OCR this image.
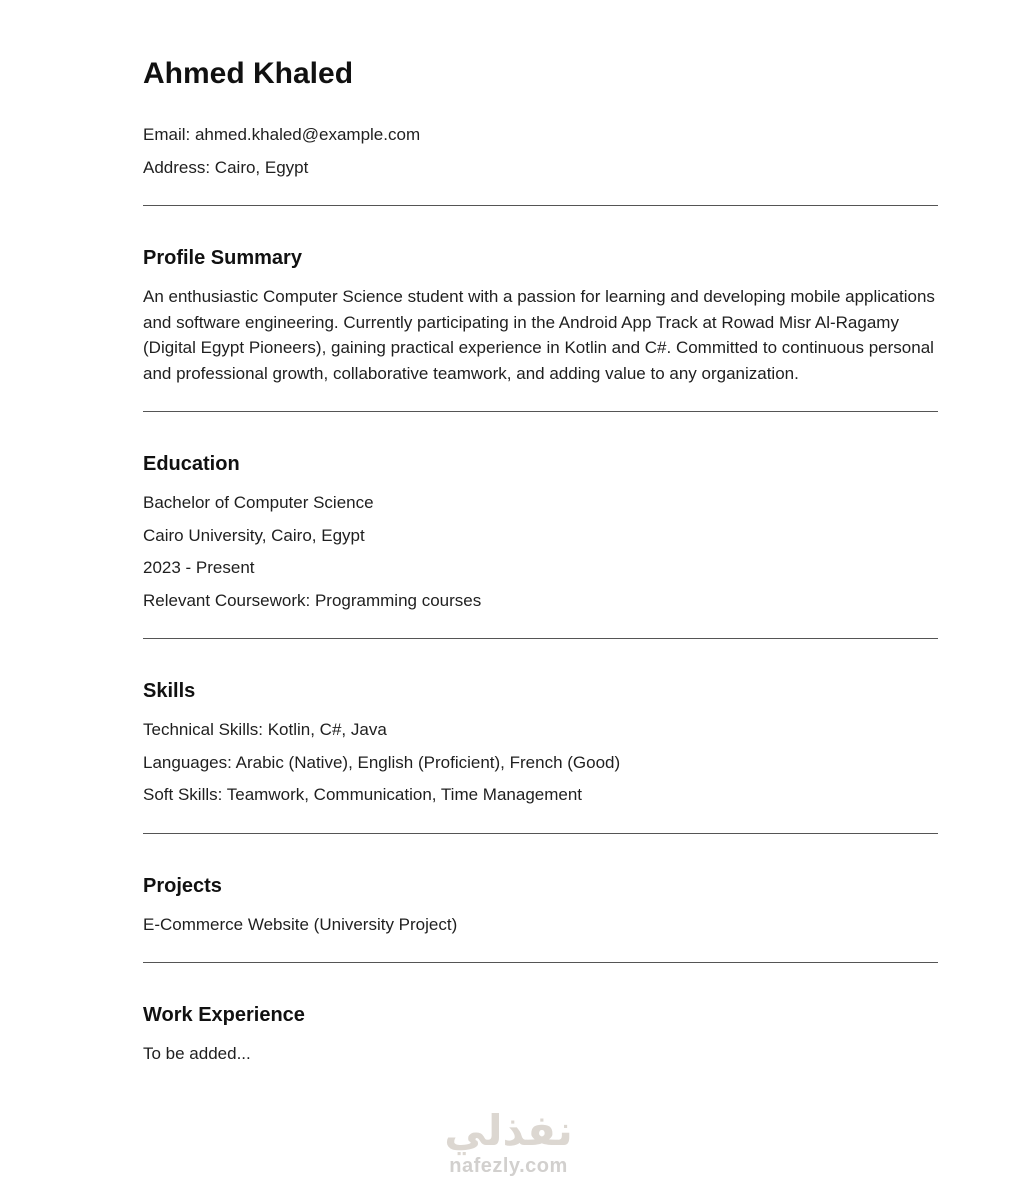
Ahmed Khaled

Email: ahmed.khaled@example.com

Address: Cairo, Egypt

Profile Summary

An enthusiastic Computer Science student with a passion for learning and developing mobile applications and software engineering. Currently participating in the Android App Track at Rowad Misr Al-Ragamy (Digital Egypt Pioneers), gaining practical experience in Kotlin and C#. Committed to continuous personal and professional growth, collaborative teamwork, and adding value to any organization.

Education

Bachelor of Computer Science

Cairo University, Cairo, Egypt

2023 - Present

Relevant Coursework: Programming courses

Skills

Technical Skills: Kotlin, C#, Java

Languages: Arabic (Native), English (Proficient), French (Good)

Soft Skills: Teamwork, Communication, Time Management

Projects

E-Commerce Website (University Project)

Work Experience

To be added...

نفذلي
nafezly.com
